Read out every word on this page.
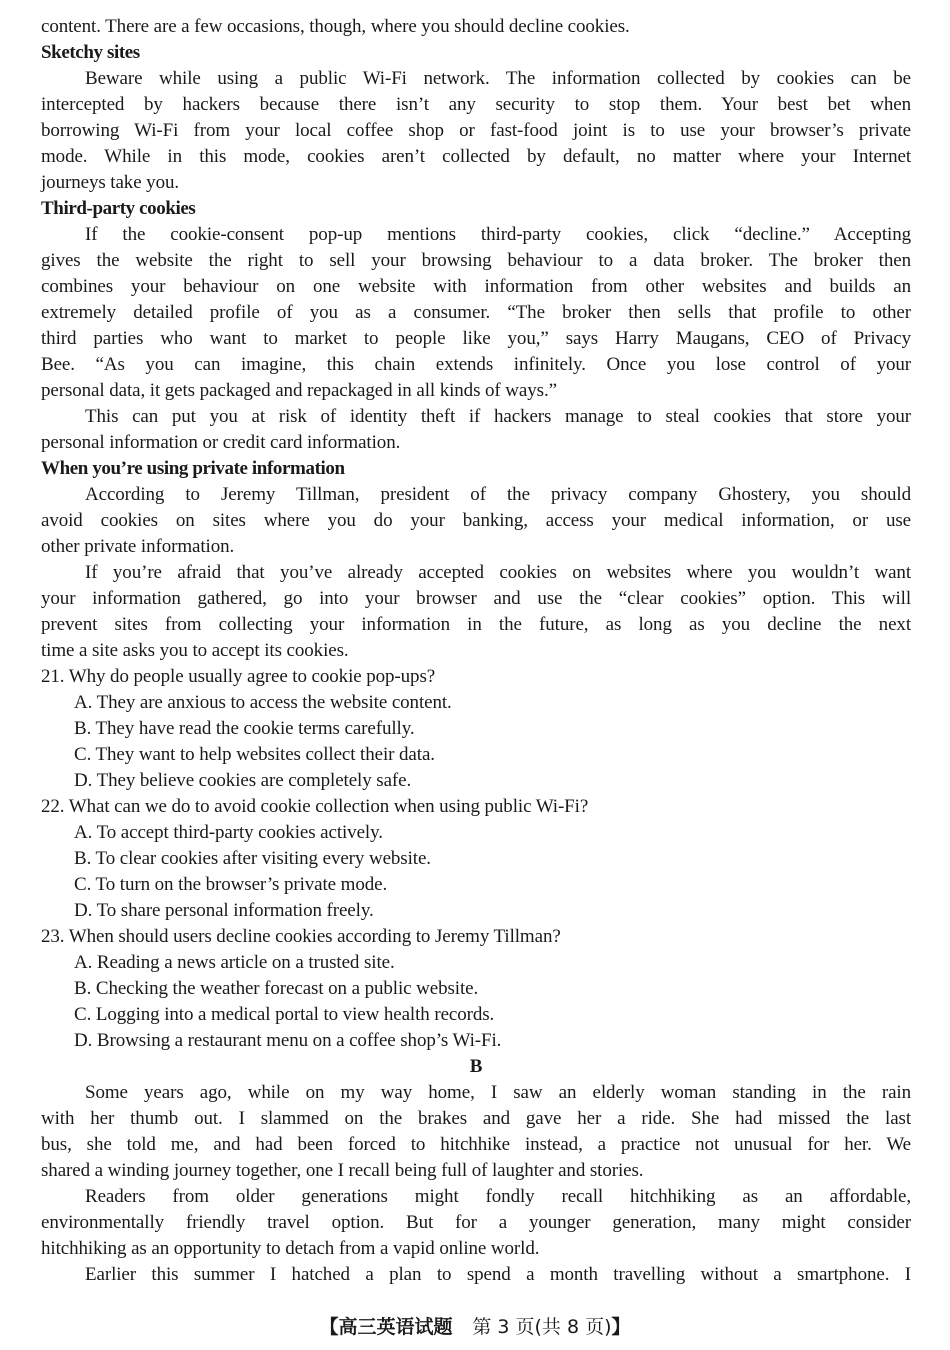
content. There are a few occasions, though, where you should decline cookies.
Sketchy sites
Beware while using a public Wi-Fi network. The information collected by cookies can be
intercepted by hackers because there isn’t any security to stop them. Your best bet when
borrowing Wi-Fi from your local coffee shop or fast-food joint is to use your browser’s private
mode. While in this mode, cookies aren’t collected by default, no matter where your Internet
journeys take you.
Third-party cookies
If the cookie-consent pop-up mentions third-party cookies, click “decline.” Accepting
gives the website the right to sell your browsing behaviour to a data broker. The broker then
combines your behaviour on one website with information from other websites and builds an
extremely detailed profile of you as a consumer. “The broker then sells that profile to other
third parties who want to market to people like you,” says Harry Maugans, CEO of Privacy
Bee. “As you can imagine, this chain extends infinitely. Once you lose control of your
personal data, it gets packaged and repackaged in all kinds of ways.”
This can put you at risk of identity theft if hackers manage to steal cookies that store your
personal information or credit card information.
When you’re using private information
According to Jeremy Tillman, president of the privacy company Ghostery, you should
avoid cookies on sites where you do your banking, access your medical information, or use
other private information.
If you’re afraid that you’ve already accepted cookies on websites where you wouldn’t want
your information gathered, go into your browser and use the “clear cookies” option. This will
prevent sites from collecting your information in the future, as long as you decline the next
time a site asks you to accept its cookies.
21. Why do people usually agree to cookie pop-ups?
A. They are anxious to access the website content.
B. They have read the cookie terms carefully.
C. They want to help websites collect their data.
D. They believe cookies are completely safe.
22. What can we do to avoid cookie collection when using public Wi-Fi?
A. To accept third-party cookies actively.
B. To clear cookies after visiting every website.
C. To turn on the browser’s private mode.
D. To share personal information freely.
23. When should users decline cookies according to Jeremy Tillman?
A. Reading a news article on a trusted site.
B. Checking the weather forecast on a public website.
C. Logging into a medical portal to view health records.
D. Browsing a restaurant menu on a coffee shop’s Wi-Fi.
B
Some years ago, while on my way home, I saw an elderly woman standing in the rain
with her thumb out. I slammed on the brakes and gave her a ride. She had missed the last
bus, she told me, and had been forced to hitchhike instead, a practice not unusual for her. We
shared a winding journey together, one I recall being full of laughter and stories.
Readers from older generations might fondly recall hitchhiking as an affordable,
environmentally friendly travel option. But for a younger generation, many might consider
hitchhiking as an opportunity to detach from a vapid online world.
Earlier this summer I hatched a plan to spend a month travelling without a smartphone. I
【高三英语试题 第 3 页(共 8 页)】
